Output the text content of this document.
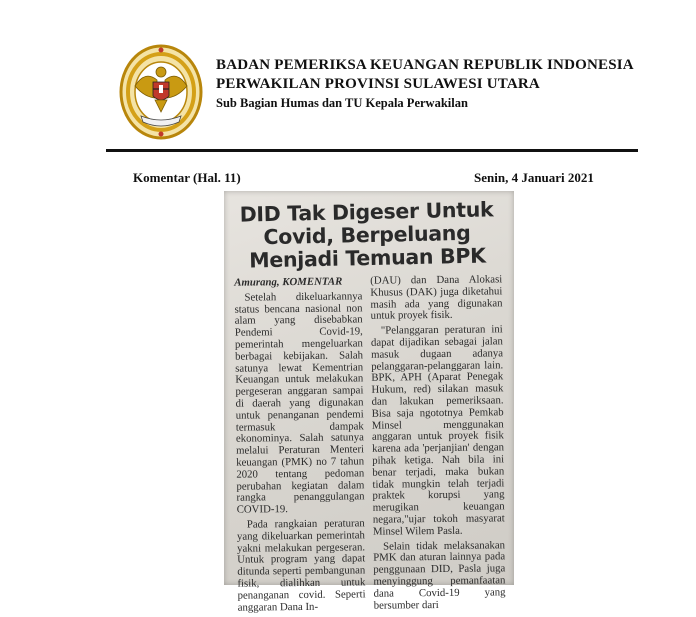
BADAN PEMERIKSA KEUANGAN REPUBLIK INDONESIA
PERWAKILAN PROVINSI SULAWESI UTARA
Sub Bagian Humas dan TU Kepala Perwakilan
Komentar (Hal. 11)	Senin, 4 Januari 2021
DID Tak Digeser Untuk Covid, Berpeluang Menjadi Temuan BPK

Amurang, KOMENTAR

Setelah dikeluarkannya status bencana nasional non alam yang disebabkan Pendemi Covid-19, pemerintah mengeluarkan berbagai kebijakan. Salah satunya lewat Kementrian Keuangan untuk melakukan pergeseran anggaran sampai di daerah yang digunakan untuk penanganan pendemi termasuk dampak ekonominya. Salah satunya melalui Peraturan Menteri keuangan (PMK) no 7 tahun 2020 tentang pedoman perubahan kegiatan dalam rangka penanggulangan COVID-19.

Pada rangkaian peraturan yang dikeluarkan pemerintah yakni melakukan pergeseran. Untuk program yang dapat ditunda seperti pembangunan fisik, dialihkan untuk penanganan covid. Seperti anggaran Dana In-

(DAU) dan Dana Alokasi Khusus (DAK) juga diketahui masih ada yang digunakan untuk proyek fisik.

"Pelanggaran peraturan ini dapat dijadikan sebagai jalan masuk dugaan adanya pelanggaran-pelanggaran lain. BPK, APH (Aparat Penegak Hukum, red) silakan masuk dan lakukan pemeriksaan. Bisa saja ngototnya Pemkab Minsel menggunakan anggaran untuk proyek fisik karena ada 'perjanjian' dengan pihak ketiga. Nah bila ini benar terjadi, maka bukan tidak mungkin telah terjadi praktek korupsi yang merugikan keuangan negara,"ujar tokoh masyarat Minsel Wilem Pasla.

Selain tidak melaksanakan PMK dan aturan lainnya pada penggunaan DID, Pasla juga menyinggung pemanfaatan dana Covid-19 yang bersumber dari
